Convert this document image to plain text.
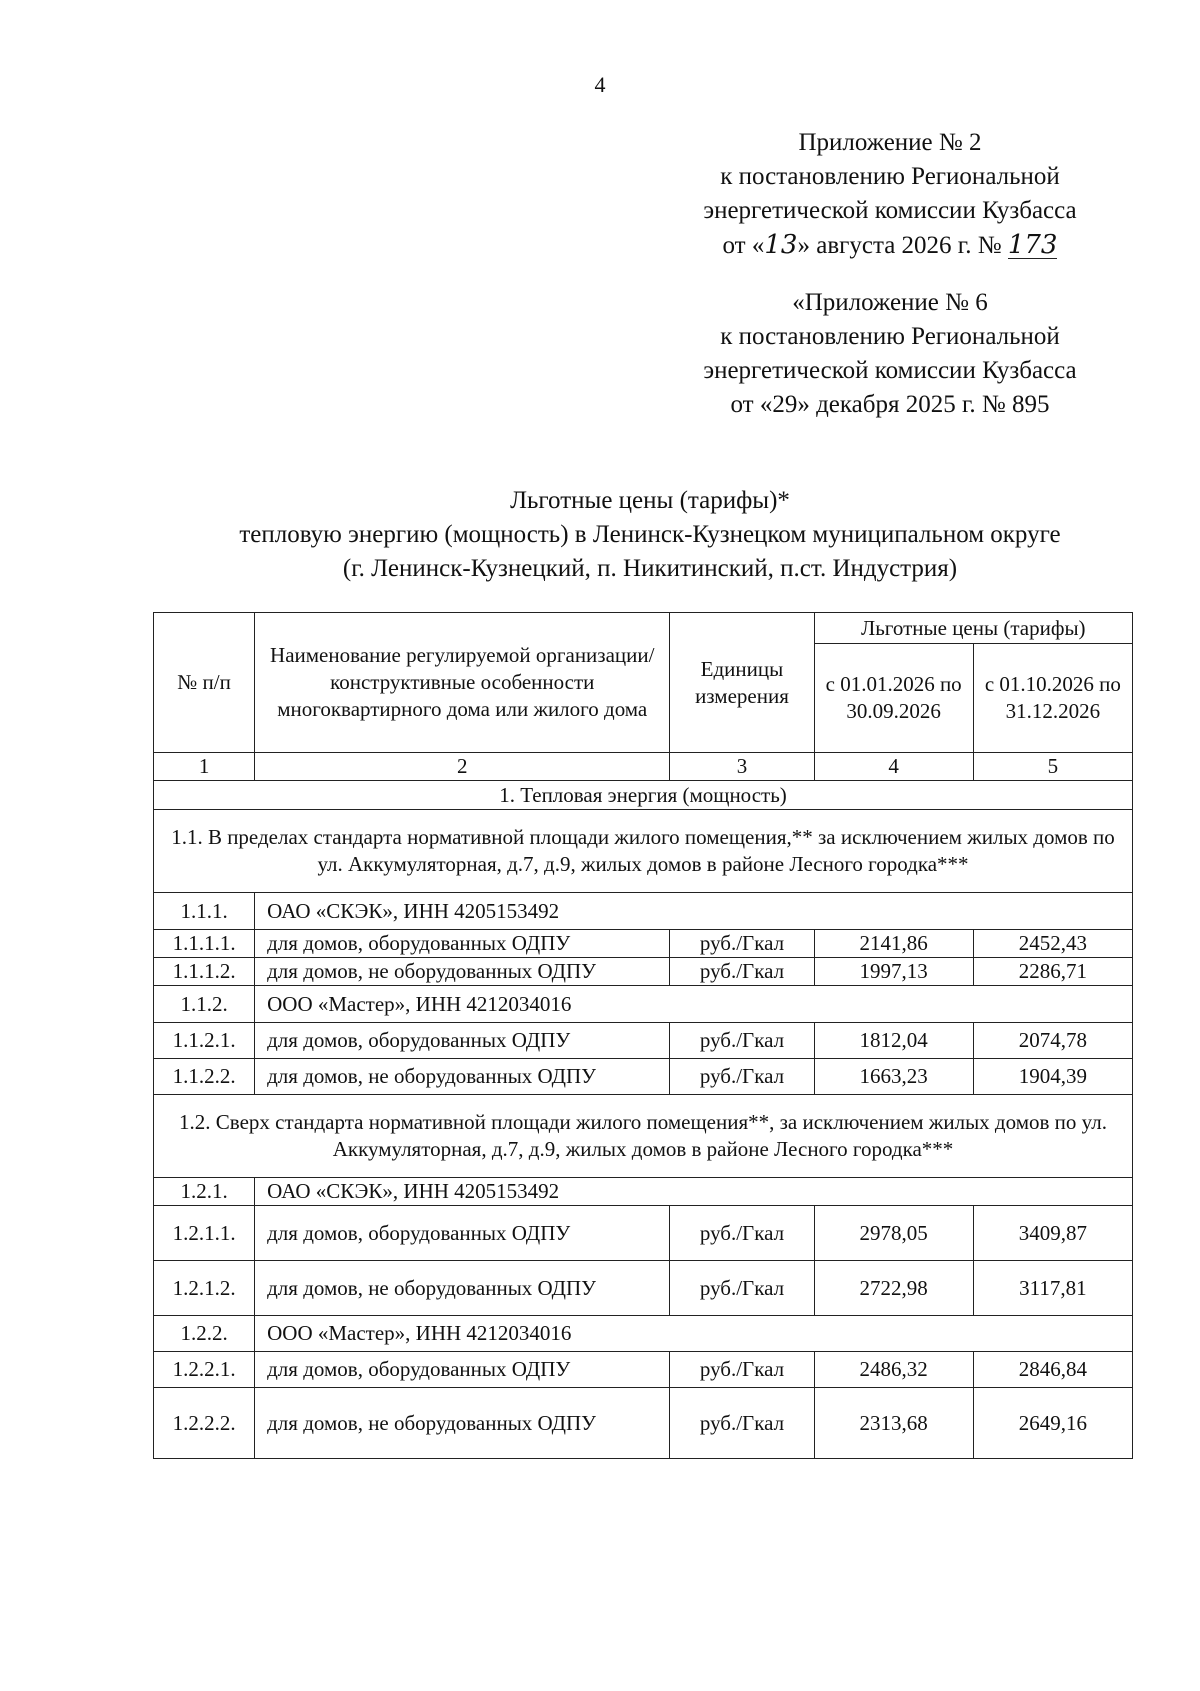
4
Приложение № 2
к постановлению Региональной
энергетической комиссии Кузбасса
от «13» августа 2026 г. № 173
«Приложение № 6
к постановлению Региональной
энергетической комиссии Кузбасса
от «29» декабря 2025 г. № 895
Льготные цены (тарифы)*
тепловую энергию (мощность) в Ленинск-Кузнецком муниципальном округе
(г. Ленинск-Кузнецкий, п. Никитинский, п.ст. Индустрия)
№ п/п	Наименование регулируемой организации/ конструктивные особенности многоквартирного дома или жилого дома	Единицы измерения	Льготные цены (тарифы)	
			с 01.01.2026 по 30.09.2026	с 01.10.2026 по 31.12.2026
1	2	3	4	5
1. Тепловая энергия (мощность)				
1.1. В пределах стандарта нормативной площади жилого помещения,** за исключением жилых домов по ул. Аккумуляторная, д.7, д.9, жилых домов в районе Лесного городка***				
1.1.1.	ОАО «СКЭК», ИНН 4205153492			
1.1.1.1.	для домов, оборудованных ОДПУ	руб./Гкал	2141,86	2452,43
1.1.1.2.	для домов, не оборудованных ОДПУ	руб./Гкал	1997,13	2286,71
1.1.2.	ООО «Мастер», ИНН 4212034016			
1.1.2.1.	для домов, оборудованных ОДПУ	руб./Гкал	1812,04	2074,78
1.1.2.2.	для домов, не оборудованных ОДПУ	руб./Гкал	1663,23	1904,39
1.2. Сверх стандарта нормативной площади жилого помещения**, за исключением жилых домов по ул. Аккумуляторная, д.7, д.9, жилых домов в районе Лесного городка***				
1.2.1.	ОАО «СКЭК», ИНН 4205153492			
1.2.1.1.	для домов, оборудованных ОДПУ	руб./Гкал	2978,05	3409,87
1.2.1.2.	для домов, не оборудованных ОДПУ	руб./Гкал	2722,98	3117,81
1.2.2.	ООО «Мастер», ИНН 4212034016			
1.2.2.1.	для домов, оборудованных ОДПУ	руб./Гкал	2486,32	2846,84
1.2.2.2.	для домов, не оборудованных ОДПУ	руб./Гкал	2313,68	2649,16
